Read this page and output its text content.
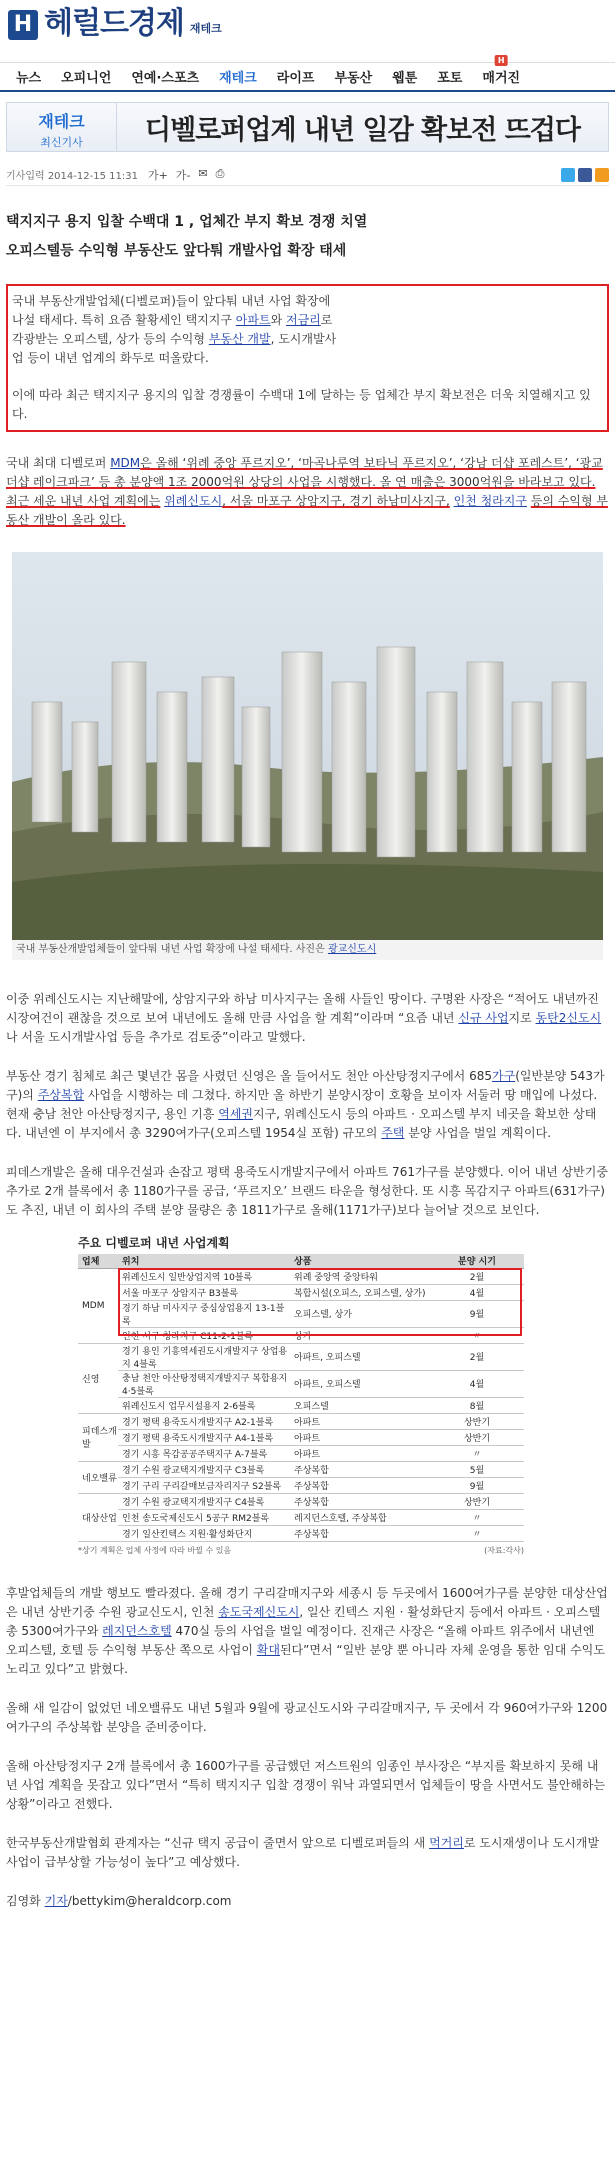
H 헤럴드경제 재테크
뉴스	오피니언	연예·스포츠	재테크	라이프	부동산	웹툰	포토
H
매거진
재테크
최신기사	디벨로퍼업계 내년 일감 확보전 뜨겁다
기사입력 2014-12-15 11:31 가+ 가- ✉ ⎙
택지지구 용지 입찰 수백대 1 , 업체간 부지 확보 경쟁 치열
오피스텔등 수익형 부동산도 앞다퉈 개발사업 확장 태세

국내 부동산개발업체(디벨로퍼)들이 앞다퉈 내년 사업 확장에
나설 태세다. 특히 요즘 활황세인 택지지구 아파트와 저금리로
각광받는 오피스텔, 상가 등의 수익형 부동산 개발, 도시개발사
업 등이 내년 업계의 화두로 떠올랐다.

이에 따라 최근 택지지구 용지의 입찰 경쟁률이 수백대 1에 달하는 등 업체간 부지 확보전은 더욱 치열해지고 있다.

국내 최대 디벨로퍼 MDM은 올해 ‘위례 중앙 푸르지오’, ‘마곡나루역 보타닉 푸르지오’, ‘강남 더샵 포레스트’, ‘광교 더샵 레이크파크’ 등 총 분양액 1조 2000억원 상당의 사업을 시행했다. 올 연 매출은 3000억원을 바라보고 있다. 최근 세운 내년 사업 계획에는 위례신도시, 서울 마포구 상암지구, 경기 하남미사지구, 인천 청라지구 등의 수익형 부동산 개발이 올라 있다.
국내 부동산개발업체들이 앞다퉈 내년 사업 확장에 나설 태세다. 사진은 광교신도시
이중 위례신도시는 지난해말에, 상암지구와 하남 미사지구는 올해 사들인 땅이다. 구명완 사장은 “적어도 내년까진 시장여건이 괜찮을 것으로 보여 내년에도 올해 만큼 사업을 할 계획”이라며 “요즘 내년 신규 사업지로 동탄2신도시나 서울 도시개발사업 등을 추가로 검토중”이라고 말했다.
부동산 경기 침체로 최근 몇년간 몸을 사렸던 신영은 올 들어서도 천안 아산탕정지구에서 685가구(일반분양 543가구)의 주상복합 사업을 시행하는 데 그쳤다. 하지만 올 하반기 분양시장이 호황을 보이자 서둘러 땅 매입에 나섰다. 현재 충남 천안 아산탕정지구, 용인 기흥 역세권지구, 위례신도시 등의 아파트 · 오피스텔 부지 네곳을 확보한 상태다. 내년엔 이 부지에서 총 3290여가구(오피스텔 1954실 포함) 규모의 주택 분양 사업을 벌일 계획이다.
피데스개발은 올해 대우건설과 손잡고 평택 용죽도시개발지구에서 아파트 761가구를 분양했다. 이어 내년 상반기중 추가로 2개 블록에서 총 1180가구를 공급, ‘푸르지오’ 브랜드 타운을 형성한다. 또 시흥 목감지구 아파트(631가구)도 추진, 내년 이 회사의 주택 분양 물량은 총 1811가구로 올해(1171가구)보다 늘어날 것으로 보인다.
주요 디벨로퍼 내년 사업계획
업체	위치	상품	분양 시기
MDM	위례신도시 일반상업지역 10블록	위례 중앙역 중앙타워	2월
	서울 마포구 상암지구 B3블록	복합시설(오피스, 오피스텔, 상가)	4월
	경기 하남 미사지구 중심상업용지 13-1블록	오피스텔, 상가	9월
	인천 서구 청라지구 C11-2-1블록	상가	〃
신영	경기 용인 기흥역세권도시개발지구 상업용지 4블록	아파트, 오피스텔	2월
	충남 천안 아산탕정택지개발지구 복합용지 4·5블록	아파트, 오피스텔	4월
	위례신도시 업무시설용지 2-6블록	오피스텔	8월
피데스개발	경기 평택 용죽도시개발지구 A2-1블록	아파트	상반기
	경기 평택 용죽도시개발지구 A4-1블록	아파트	상반기
	경기 시흥 목감공공주택지구 A-7블록	아파트	〃
네오밸류	경기 수원 광교택지개발지구 C3블록	주상복합	5월
	경기 구리 구리갈매보금자리지구 S2블록	주상복합	9월
대상산업	경기 수원 광교택지개발지구 C4블록	주상복합	상반기
	인천 송도국제신도시 5공구 RM2블록	레지던스호텔, 주상복합	〃
	경기 일산킨텍스 지원·활성화단지	주상복합	〃
*상기 계획은 업체 사정에 따라 바뀔 수 있음	(자료:각사)
후발업체들의 개발 행보도 빨라졌다. 올해 경기 구리갈매지구와 세종시 등 두곳에서 1600여가구를 분양한 대상산업은 내년 상반기중 수원 광교신도시, 인천 송도국제신도시, 일산 킨텍스 지원 · 활성화단지 등에서 아파트 · 오피스텔 총 5300여가구와 레지던스호텔 470실 등의 사업을 벌일 예정이다. 진재근 사장은 “올해 아파트 위주에서 내년엔 오피스텔, 호텔 등 수익형 부동산 쪽으로 사업이 확대된다”면서 “일반 분양 뿐 아니라 자체 운영을 통한 임대 수익도 노리고 있다”고 밝혔다.
올해 새 일감이 없었던 네오밸류도 내년 5월과 9월에 광교신도시와 구리갈매지구, 두 곳에서 각 960여가구와 1200여가구의 주상복합 분양을 준비중이다.
올해 아산탕정지구 2개 블록에서 총 1600가구를 공급했던 저스트원의 임종인 부사장은 “부지를 확보하지 못해 내년 사업 계획을 못잡고 있다”면서 “특히 택지지구 입찰 경쟁이 워낙 과열되면서 업체들이 땅을 사면서도 불안해하는 상황”이라고 전했다.
한국부동산개발협회 관계자는 “신규 택지 공급이 줄면서 앞으로 디벨로퍼들의 새 먹거리로 도시재생이나 도시개발사업이 급부상할 가능성이 높다”고 예상했다.
김영화 기자/bettykim@heraldcorp.com
